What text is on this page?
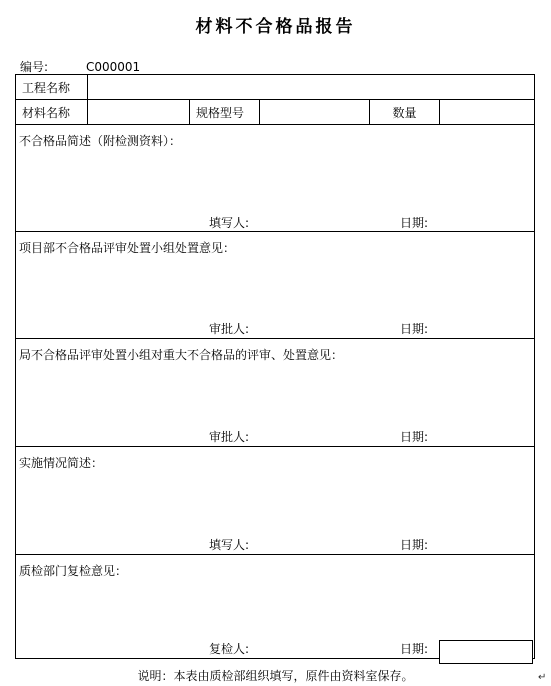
材料不合格品报告
编号:	C000001
工程名称					
材料名称		规格型号		数量	

不合格品简述（附检测资料）：
填写人: 日期:					

项目部不合格品评审处置小组处置意见：
审批人: 日期:					

局不合格品评审处置小组对重大不合格品的评审、处置意见：
审批人: 日期:					

实施情况简述：
填写人: 日期:					

质检部门复检意见：
复检人: 日期:					
说明：本表由质检部组织填写，原件由资料室保存。	↵
